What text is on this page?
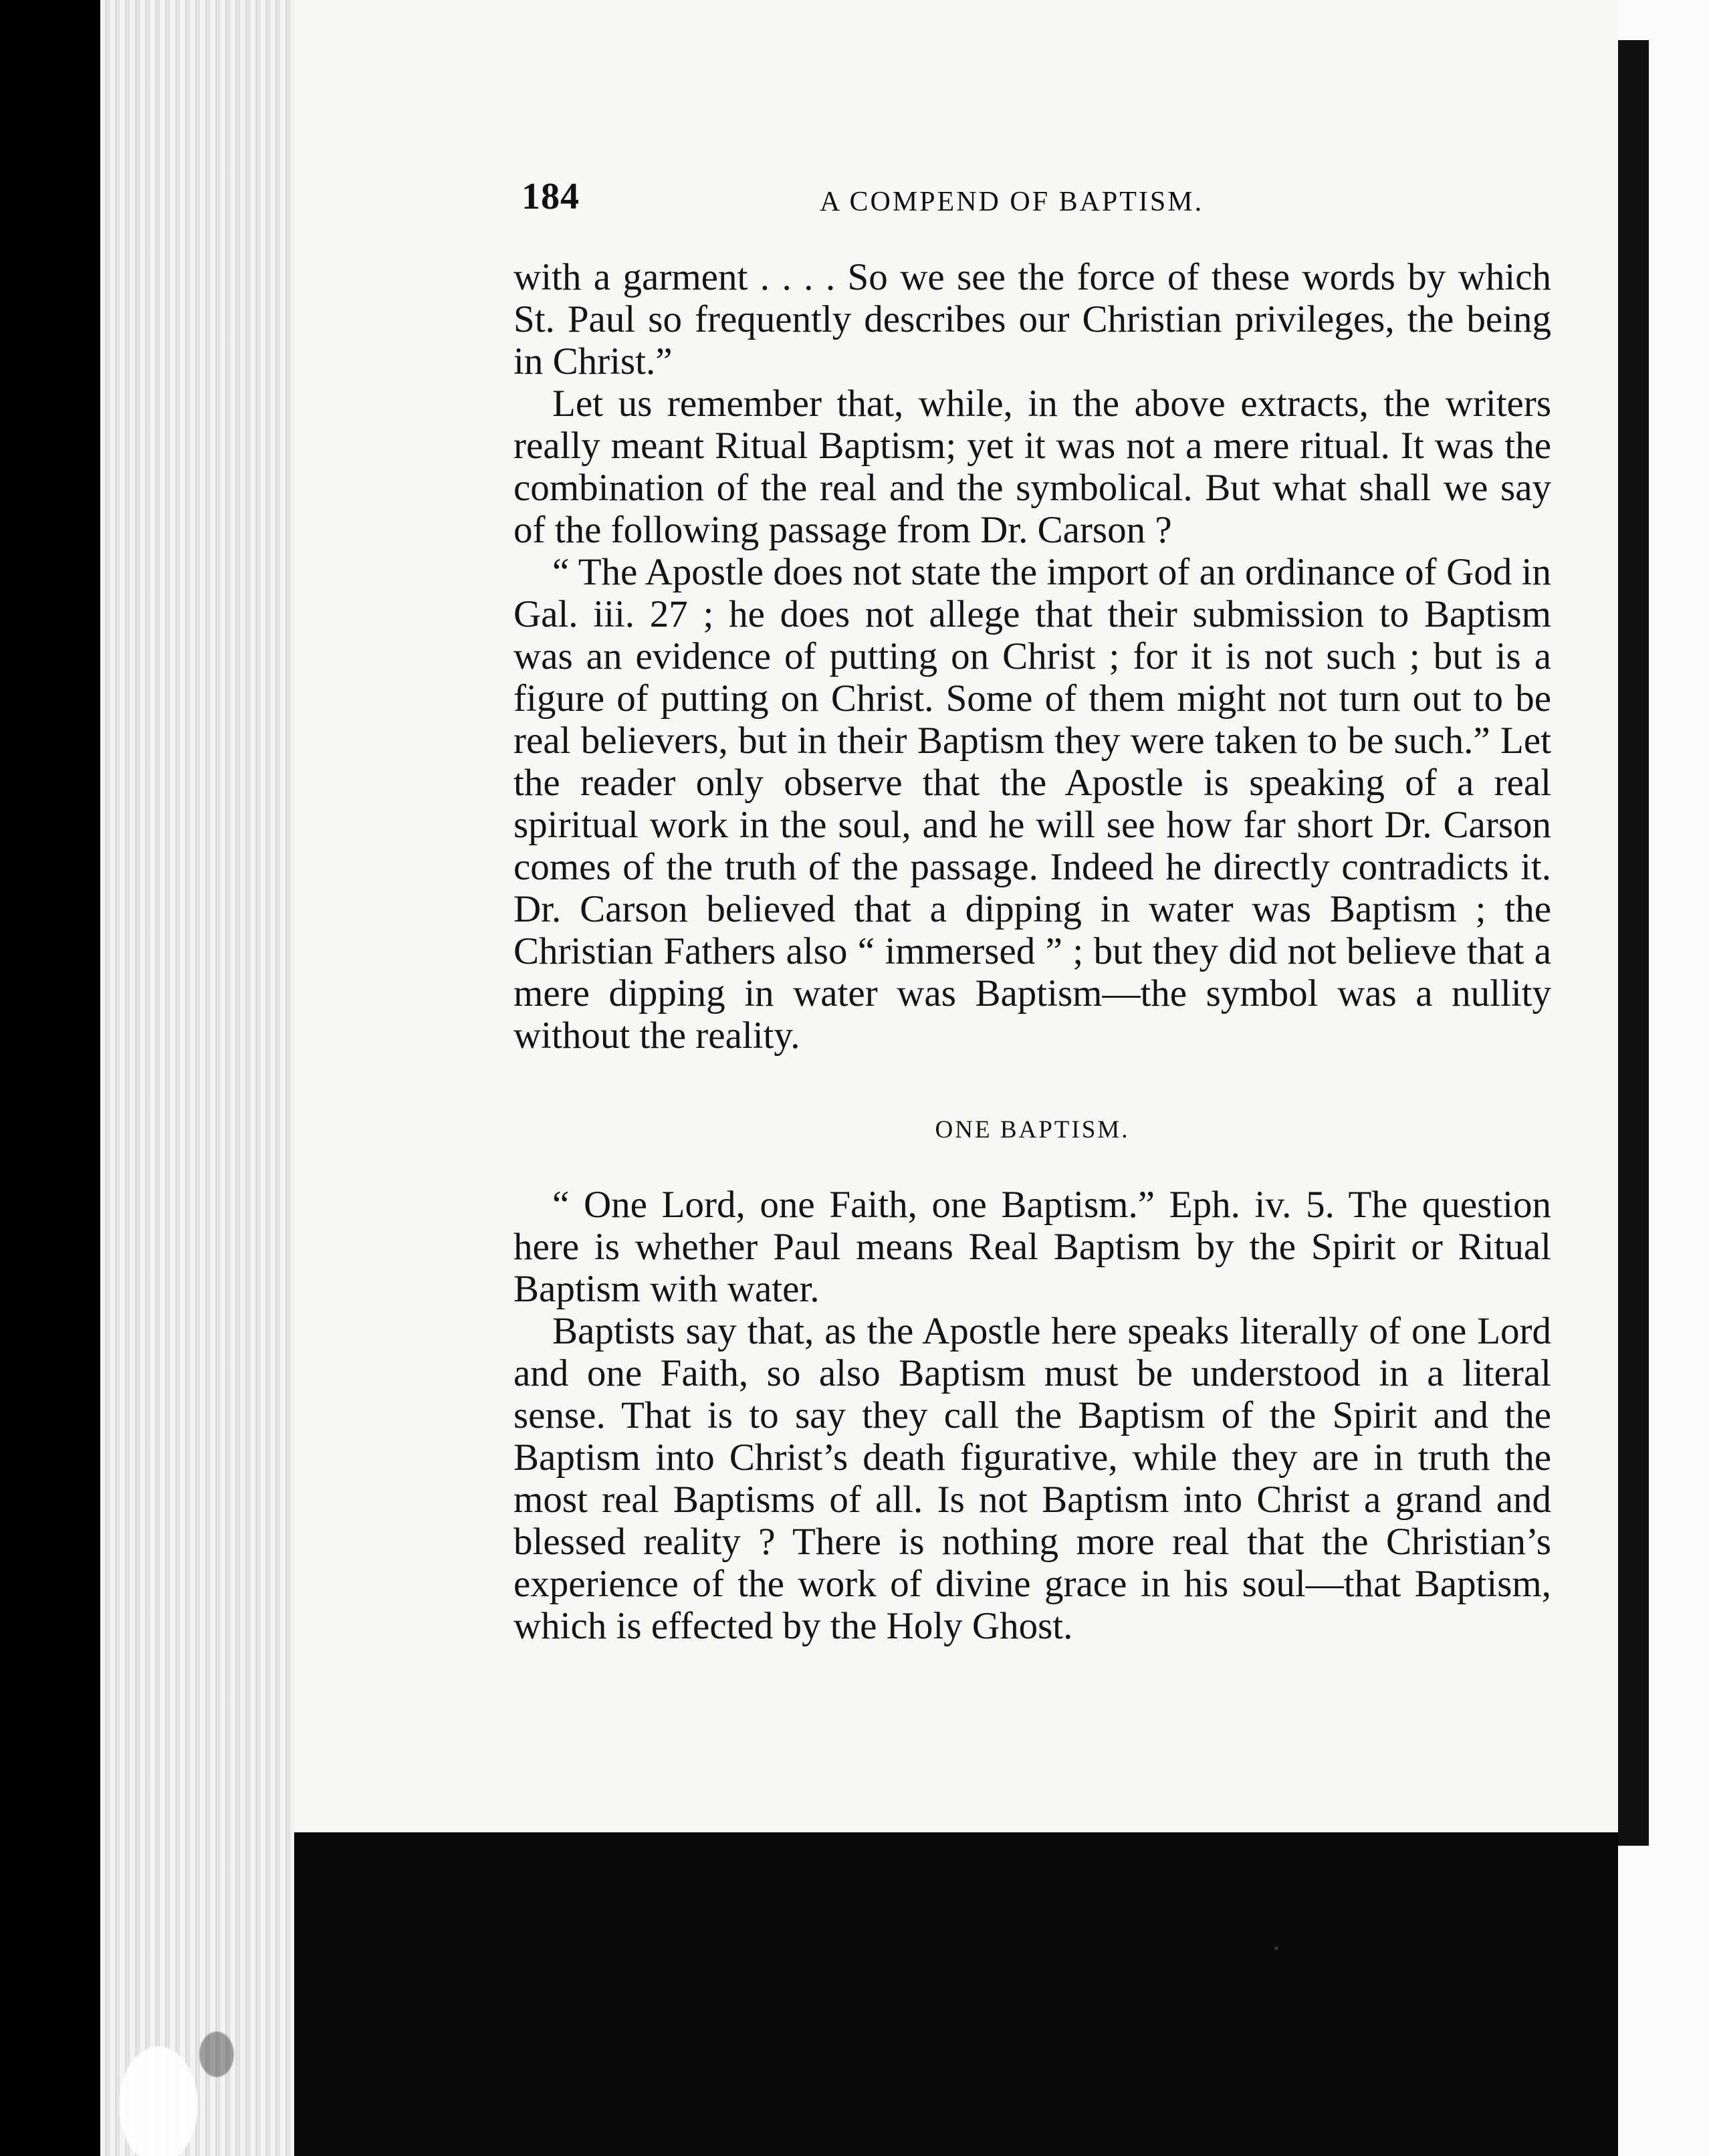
184	A COMPEND OF BAPTISM.

with a garment . . . . So we see the force of these words by which St. Paul so frequently describes our Christian privileges, the being in Christ.”

Let us remember that, while, in the above extracts, the writers really meant Ritual Baptism; yet it was not a mere ritual. It was the combination of the real and the symbolical. But what shall we say of the following passage from Dr. Carson ?

“ The Apostle does not state the import of an ordinance of God in Gal. iii. 27 ; he does not allege that their submission to Baptism was an evidence of putting on Christ ; for it is not such ; but is a figure of putting on Christ. Some of them might not turn out to be real believers, but in their Baptism they were taken to be such.” Let the reader only observe that the Apostle is speaking of a real spiritual work in the soul, and he will see how far short Dr. Carson comes of the truth of the passage. Indeed he directly contradicts it. Dr. Carson believed that a dipping in water was Baptism ; the Christian Fathers also “ immersed ” ; but they did not believe that a mere dipping in water was Baptism—the symbol was a nullity without the reality.

ONE BAPTISM.

“ One Lord, one Faith, one Baptism.” Eph. iv. 5. The question here is whether Paul means Real Baptism by the Spirit or Ritual Baptism with water.

Baptists say that, as the Apostle here speaks literally of one Lord and one Faith, so also Baptism must be understood in a literal sense. That is to say they call the Baptism of the Spirit and the Baptism into Christ’s death figurative, while they are in truth the most real Baptisms of all. Is not Baptism into Christ a grand and blessed reality ? There is nothing more real that the Christian’s experience of the work of divine grace in his soul—that Baptism, which is effected by the Holy Ghost.
